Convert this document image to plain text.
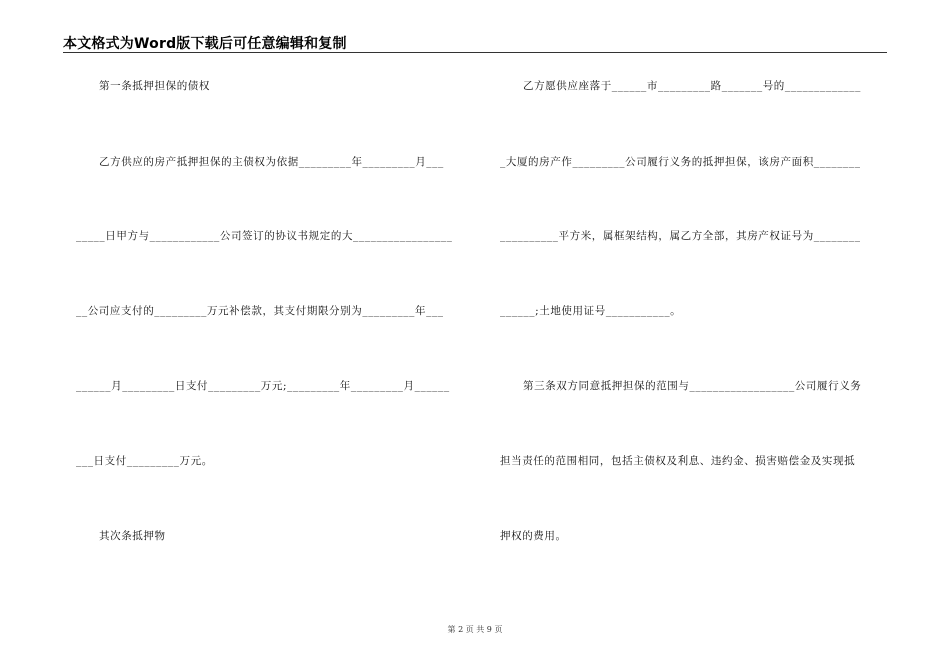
本文格式为Word版下载后可任意编辑和复制
第一条抵押担保的债权
乙方供应的房产抵押担保的主债权为依据_________年_________月___
_____日甲方与____________公司签订的协议书规定的大_________________
__公司应支付的_________万元补偿款，其支付期限分别为_________年___
______月_________日支付_________万元;_________年_________月______
___日支付_________万元。
其次条抵押物
乙方愿供应座落于______市_________路_______号的_____________
_大厦的房产作_________公司履行义务的抵押担保，该房产面积________
__________平方米，属框架结构，属乙方全部，其房产权证号为________
______;土地使用证号___________。
第三条双方同意抵押担保的范围与__________________公司履行义务
担当责任的范围相同，包括主债权及利息、违约金、损害赔偿金及实现抵
押权的费用。
第 2 页 共 9 页
